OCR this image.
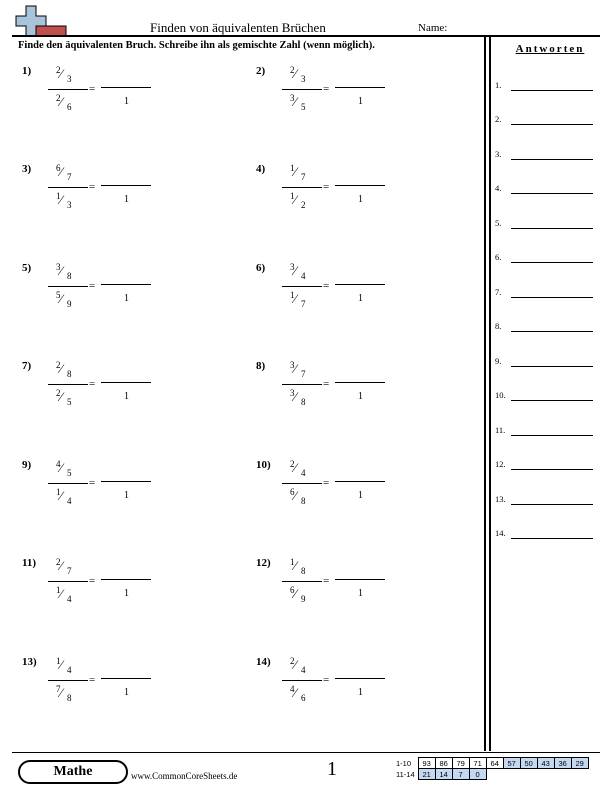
Finden von äquivalenten Brüchen	Name:
Finde den äquivalenten Bruch. Schreibe ihn als gemischte Zahl (wenn möglich).	Antworten
1.
2.
3.
4.
5.
6.
7.
8.
9.
10.
11.
12.
13.
14.
1)	2 ⁄ 3
2 ⁄ 6
=
1
2)	2 ⁄ 3
3 ⁄ 5
=
1
3)	6 ⁄ 7
1 ⁄ 3
=
1
4)	1 ⁄ 7
1 ⁄ 2
=
1
5)	3 ⁄ 8
5 ⁄ 9
=
1
6)	3 ⁄ 4
1 ⁄ 7
=
1
7)	2 ⁄ 8
2 ⁄ 5
=
1
8)	3 ⁄ 7
3 ⁄ 8
=
1
9)	4 ⁄ 5
1 ⁄ 4
=
1
10) 2 ⁄ 4
6 ⁄ 8
=
1
11) 2 ⁄ 7
1 ⁄ 4
=
1
12) 1 ⁄ 8
6 ⁄ 9
=
1
13) 1 ⁄ 4
7 ⁄ 8
=
1
14) 2 ⁄ 4
4 ⁄ 6
=
1
Mathe	www.CommonCoreSheets.de	1	1-10	93	86	79	71	64	57	50	43	36	29
11-14	21	14	7	0						
